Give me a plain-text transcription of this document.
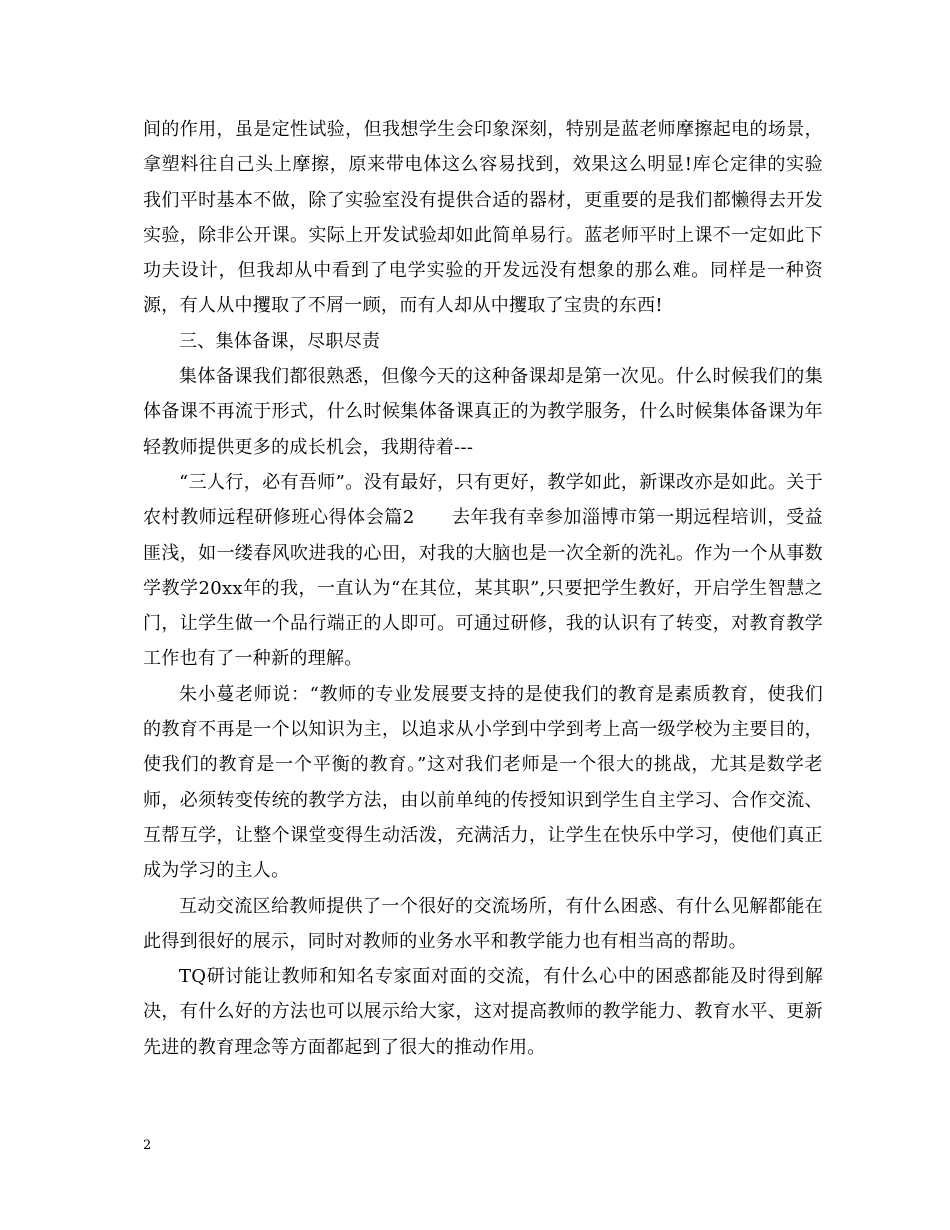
间的作用，虽是定性试验，但我想学生会印象深刻，特别是蓝老师摩擦起电的场景，拿塑料往自己头上摩擦，原来带电体这么容易找到，效果这么明显!库仑定律的实验我们平时基本不做，除了实验室没有提供合适的器材，更重要的是我们都懒得去开发实验，除非公开课。实际上开发试验却如此简单易行。蓝老师平时上课不一定如此下功夫设计，但我却从中看到了电学实验的开发远没有想象的那么难。同样是一种资源，有人从中攫取了不屑一顾，而有人却从中攫取了宝贵的东西!

三、集体备课，尽职尽责

集体备课我们都很熟悉，但像今天的这种备课却是第一次见。什么时候我们的集体备课不再流于形式，什么时候集体备课真正的为教学服务，什么时候集体备课为年轻教师提供更多的成长机会，我期待着---

“三人行，必有吾师”。没有最好，只有更好，教学如此，新课改亦是如此。关于农村教师远程研修班心得体会篇2　　去年我有幸参加淄博市第一期远程培训，受益匪浅，如一缕春风吹进我的心田，对我的大脑也是一次全新的洗礼。作为一个从事数学教学20xx年的我，一直认为“在其位，某其职”,只要把学生教好，开启学生智慧之门，让学生做一个品行端正的人即可。可通过研修，我的认识有了转变，对教育教学工作也有了一种新的理解。

朱小蔓老师说：“教师的专业发展要支持的是使我们的教育是素质教育，使我们的教育不再是一个以知识为主，以追求从小学到中学到考上高一级学校为主要目的，使我们的教育是一个平衡的教育。”这对我们老师是一个很大的挑战，尤其是数学老师，必须转变传统的教学方法，由以前单纯的传授知识到学生自主学习、合作交流、互帮互学，让整个课堂变得生动活泼，充满活力，让学生在快乐中学习，使他们真正成为学习的主人。

互动交流区给教师提供了一个很好的交流场所，有什么困惑、有什么见解都能在此得到很好的展示，同时对教师的业务水平和教学能力也有相当高的帮助。

TQ研讨能让教师和知名专家面对面的交流，有什么心中的困惑都能及时得到解决，有什么好的方法也可以展示给大家，这对提高教师的教学能力、教育水平、更新先进的教育理念等方面都起到了很大的推动作用。

2
